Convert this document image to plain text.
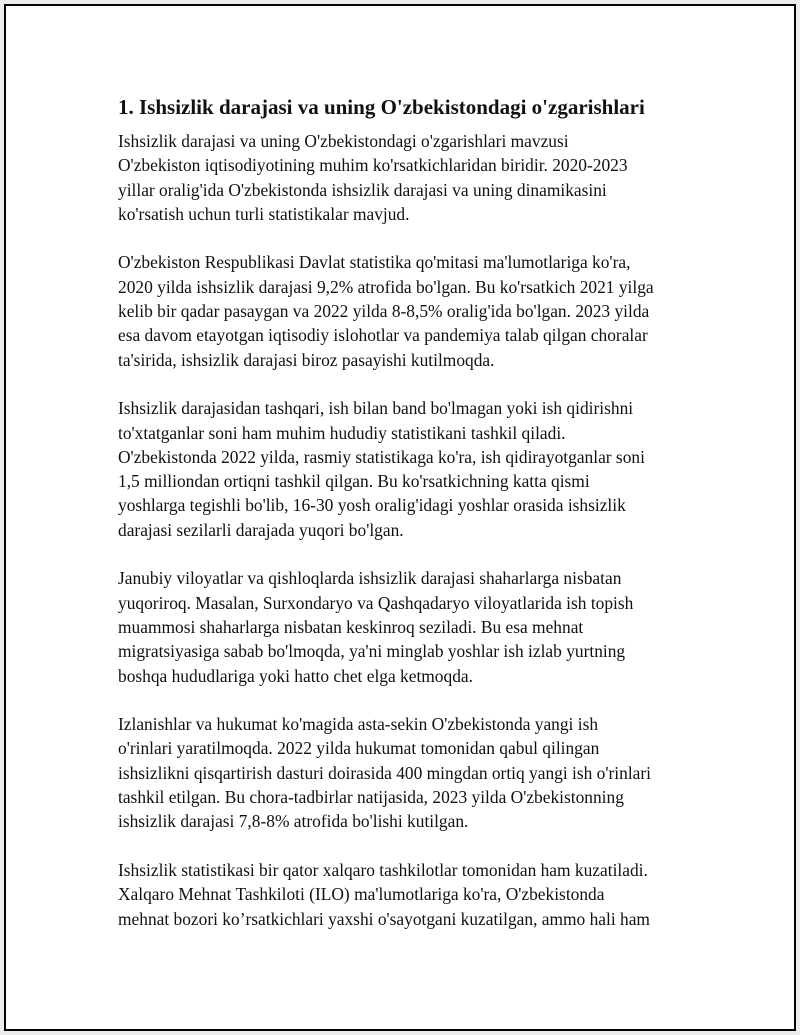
1. Ishsizlik darajasi va uning O'zbekistondagi o'zgarishlari

Ishsizlik darajasi va uning O'zbekistondagi o'zgarishlari mavzusi
O'zbekiston iqtisodiyotining muhim ko'rsatkichlaridan biridir. 2020-2023
yillar oralig'ida O'zbekistonda ishsizlik darajasi va uning dinamikasini
ko'rsatish uchun turli statistikalar mavjud.

O'zbekiston Respublikasi Davlat statistika qo'mitasi ma'lumotlariga ko'ra,
2020 yilda ishsizlik darajasi 9,2% atrofida bo'lgan. Bu ko'rsatkich 2021 yilga
kelib bir qadar pasaygan va 2022 yilda 8-8,5% oralig'ida bo'lgan. 2023 yilda
esa davom etayotgan iqtisodiy islohotlar va pandemiya talab qilgan choralar
ta'sirida, ishsizlik darajasi biroz pasayishi kutilmoqda.

Ishsizlik darajasidan tashqari, ish bilan band bo'lmagan yoki ish qidirishni
to'xtatganlar soni ham muhim hududiy statistikani tashkil qiladi.
O'zbekistonda 2022 yilda, rasmiy statistikaga ko'ra, ish qidirayotganlar soni
1,5 milliondan ortiqni tashkil qilgan. Bu ko'rsatkichning katta qismi
yoshlarga tegishli bo'lib, 16-30 yosh oralig'idagi yoshlar orasida ishsizlik
darajasi sezilarli darajada yuqori bo'lgan.

Janubiy viloyatlar va qishloqlarda ishsizlik darajasi shaharlarga nisbatan
yuqoriroq. Masalan, Surxondaryo va Qashqadaryo viloyatlarida ish topish
muammosi shaharlarga nisbatan keskinroq seziladi. Bu esa mehnat
migratsiyasiga sabab bo'lmoqda, ya'ni minglab yoshlar ish izlab yurtning
boshqa hududlariga yoki hatto chet elga ketmoqda.

Izlanishlar va hukumat ko'magida asta-sekin O'zbekistonda yangi ish
o'rinlari yaratilmoqda. 2022 yilda hukumat tomonidan qabul qilingan
ishsizlikni qisqartirish dasturi doirasida 400 mingdan ortiq yangi ish o'rinlari
tashkil etilgan. Bu chora-tadbirlar natijasida, 2023 yilda O'zbekistonning
ishsizlik darajasi 7,8-8% atrofida bo'lishi kutilgan.

Ishsizlik statistikasi bir qator xalqaro tashkilotlar tomonidan ham kuzatiladi.
Xalqaro Mehnat Tashkiloti (ILO) ma'lumotlariga ko'ra, O'zbekistonda
mehnat bozori ko’rsatkichlari yaxshi o'sayotgani kuzatilgan, ammo hali ham
